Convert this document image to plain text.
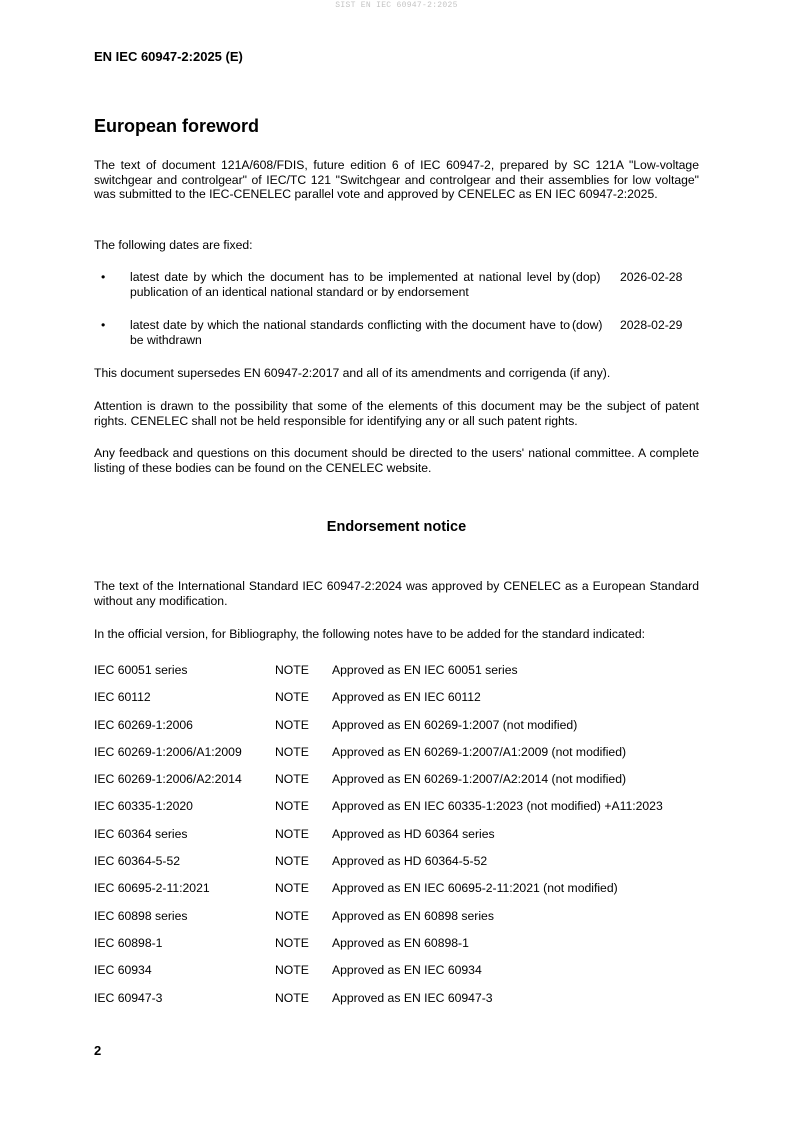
SIST EN IEC 60947-2:2025
EN IEC 60947-2:2025 (E)
European foreword
The text of document 121A/608/FDIS, future edition 6 of IEC 60947-2, prepared by SC 121A "Low-voltage switchgear and controlgear" of IEC/TC 121 "Switchgear and controlgear and their assemblies for low voltage" was submitted to the IEC-CENELEC parallel vote and approved by CENELEC as EN IEC 60947-2:2025.
The following dates are fixed:
• latest date by which the document has to be implemented at national level by publication of an identical national standard or by endorsement
(dop) 2026-02-28
• latest date by which the national standards conflicting with the document have to be withdrawn
(dow) 2028-02-29
This document supersedes EN 60947-2:2017 and all of its amendments and corrigenda (if any).
Attention is drawn to the possibility that some of the elements of this document may be the subject of patent rights. CENELEC shall not be held responsible for identifying any or all such patent rights.
Any feedback and questions on this document should be directed to the users' national committee. A complete listing of these bodies can be found on the CENELEC website.
Endorsement notice
The text of the International Standard IEC 60947-2:2024 was approved by CENELEC as a European Standard without any modification.
In the official version, for Bibliography, the following notes have to be added for the standard indicated:
IEC 60051 series	NOTE Approved as EN IEC 60051 series
IEC 60112	NOTE Approved as EN IEC 60112
IEC 60269-1:2006	NOTE Approved as EN 60269-1:2007 (not modified)
IEC 60269-1:2006/A1:2009	NOTE Approved as EN 60269-1:2007/A1:2009 (not modified)
IEC 60269-1:2006/A2:2014	NOTE Approved as EN 60269-1:2007/A2:2014 (not modified)
IEC 60335-1:2020	NOTE Approved as EN IEC 60335-1:2023 (not modified) +A11:2023
IEC 60364 series	NOTE Approved as HD 60364 series
IEC 60364-5-52	NOTE Approved as HD 60364-5-52
IEC 60695-2-11:2021	NOTE Approved as EN IEC 60695-2-11:2021 (not modified)
IEC 60898 series	NOTE Approved as EN 60898 series
IEC 60898-1	NOTE Approved as EN 60898-1
IEC 60934	NOTE Approved as EN IEC 60934
IEC 60947-3	NOTE Approved as EN IEC 60947-3
2
